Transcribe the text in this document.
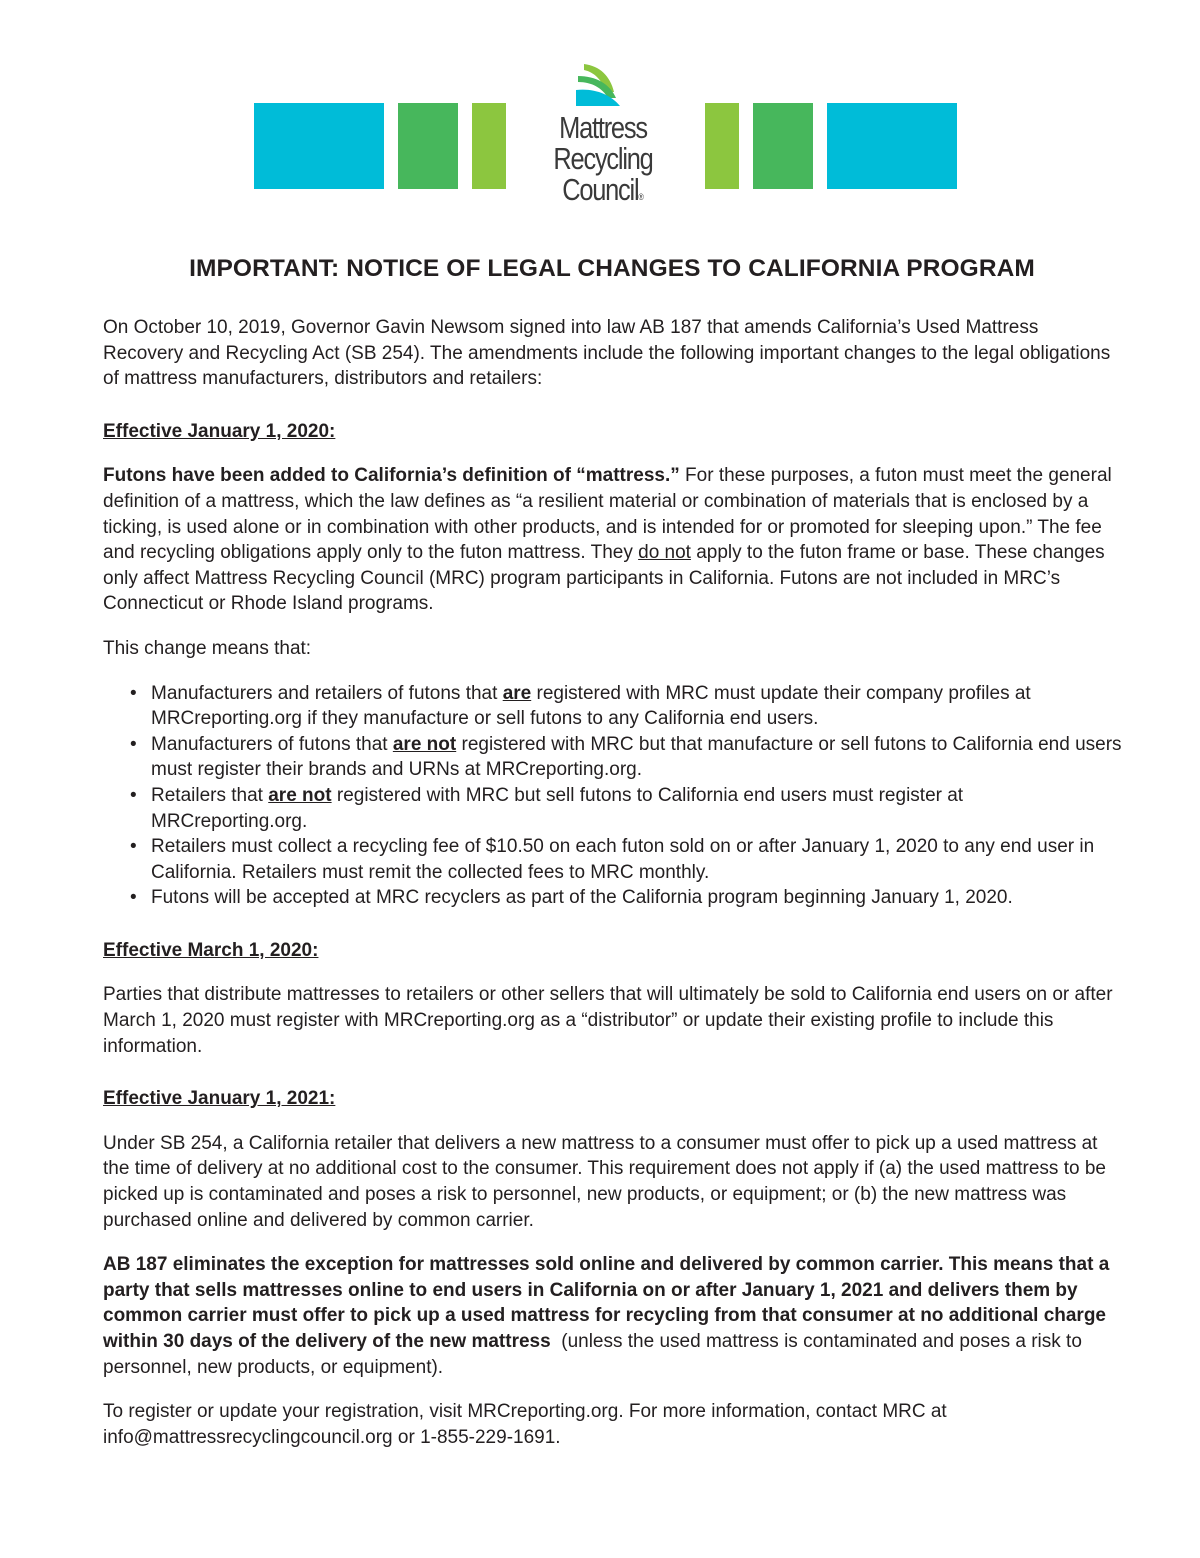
Mattress
Recycling
Council®
IMPORTANT: NOTICE OF LEGAL CHANGES TO CALIFORNIA PROGRAM

On October 10, 2019, Governor Gavin Newsom signed into law AB 187 that amends California’s Used Mattress Recovery and Recycling Act (SB 254). The amendments include the following important changes to the legal obligations of mattress manufacturers, distributors and retailers:

Effective January 1, 2020:

Futons have been added to California’s definition of “mattress.” For these purposes, a futon must meet the general definition of a mattress, which the law defines as “a resilient material or combination of materials that is enclosed by a ticking, is used alone or in combination with other products, and is intended for or promoted for sleeping upon.” The fee and recycling obligations apply only to the futon mattress. They do not apply to the futon frame or base. These changes only affect Mattress Recycling Council (MRC) program participants in California. Futons are not included in MRC’s Connecticut or Rhode Island programs.

This change means that:

• Manufacturers and retailers of futons that are registered with MRC must update their company profiles at MRCreporting.org if they manufacture or sell futons to any California end users.
• Manufacturers of futons that are not registered with MRC but that manufacture or sell futons to California end users must register their brands and URNs at MRCreporting.org.
• Retailers that are not registered with MRC but sell futons to California end users must register at MRCreporting.org.
• Retailers must collect a recycling fee of $10.50 on each futon sold on or after January 1, 2020 to any end user in California. Retailers must remit the collected fees to MRC monthly.
• Futons will be accepted at MRC recyclers as part of the California program beginning January 1, 2020.

Effective March 1, 2020:

Parties that distribute mattresses to retailers or other sellers that will ultimately be sold to California end users on or after March 1, 2020 must register with MRCreporting.org as a “distributor” or update their existing profile to include this information.

Effective January 1, 2021:

Under SB 254, a California retailer that delivers a new mattress to a consumer must offer to pick up a used mattress at the time of delivery at no additional cost to the consumer. This requirement does not apply if (a) the used mattress to be picked up is contaminated and poses a risk to personnel, new products, or equipment; or (b) the new mattress was purchased online and delivered by common carrier.

AB 187 eliminates the exception for mattresses sold online and delivered by common carrier. This means that a party that sells mattresses online to end users in California on or after January 1, 2021 and delivers them by common carrier must offer to pick up a used mattress for recycling from that consumer at no additional charge within 30 days of the delivery of the new mattress  (unless the used mattress is contaminated and poses a risk to personnel, new products, or equipment).

To register or update your registration, visit MRCreporting.org. For more information, contact MRC at info@mattressrecyclingcouncil.org or 1-855-229-1691.
